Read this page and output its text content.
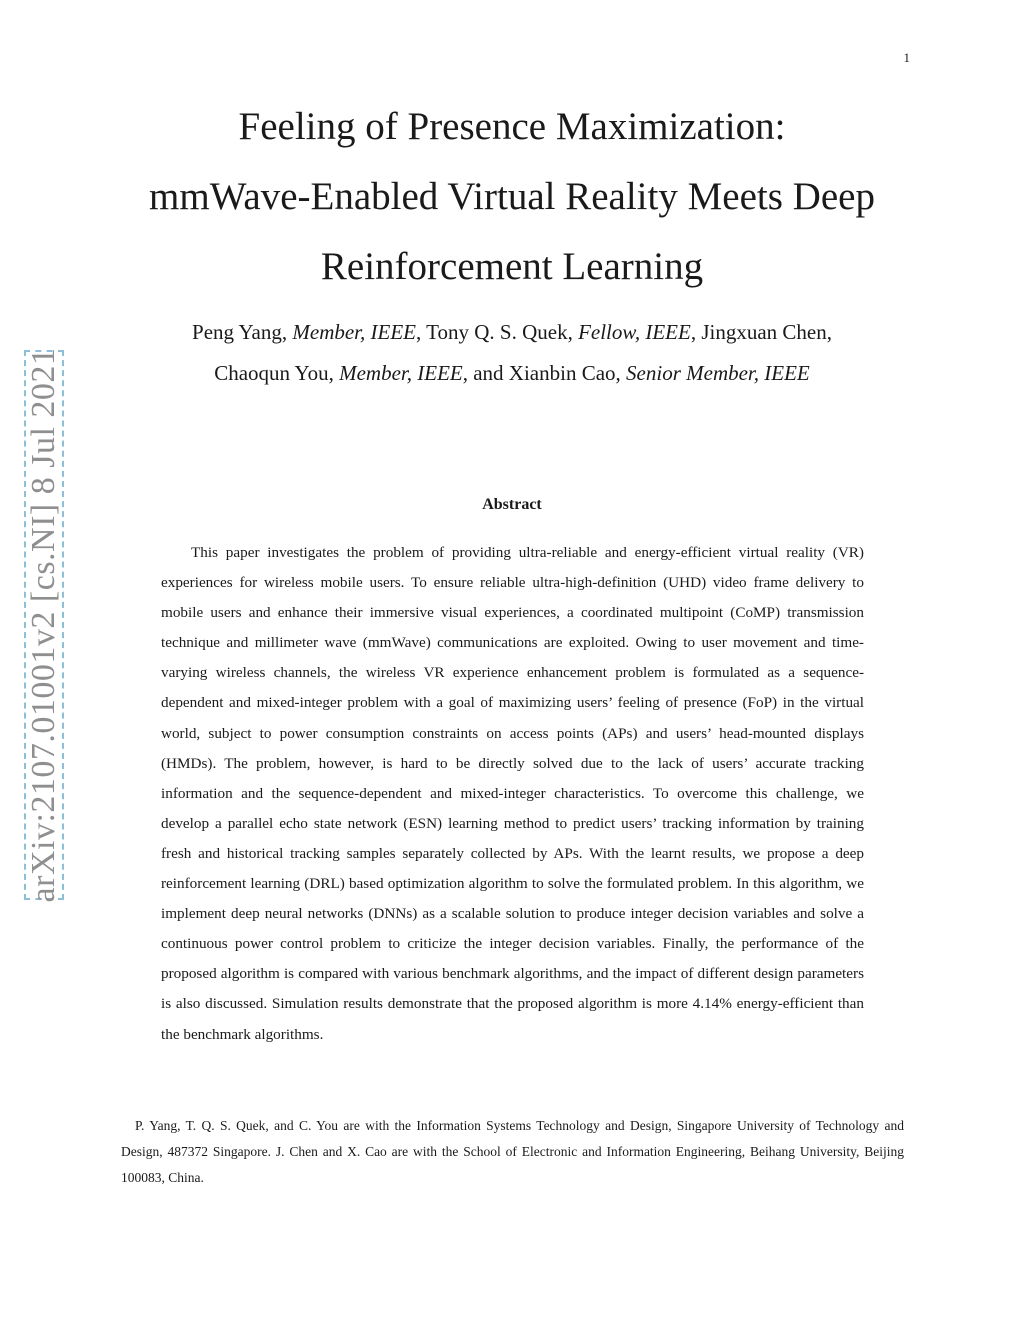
1
arXiv:2107.01001v2 [cs.NI] 8 Jul 2021
Feeling of Presence Maximization:
mmWave-Enabled Virtual Reality Meets Deep
Reinforcement Learning
Peng Yang, Member, IEEE, Tony Q. S. Quek, Fellow, IEEE, Jingxuan Chen,
Chaoqun You, Member, IEEE, and Xianbin Cao, Senior Member, IEEE
Abstract

This paper investigates the problem of providing ultra-reliable and energy-efficient virtual reality (VR) experiences for wireless mobile users. To ensure reliable ultra-high-definition (UHD) video frame delivery to mobile users and enhance their immersive visual experiences, a coordinated multipoint (CoMP) transmission technique and millimeter wave (mmWave) communications are exploited. Owing to user movement and time-varying wireless channels, the wireless VR experience enhancement problem is formulated as a sequence-dependent and mixed-integer problem with a goal of maximizing users’ feeling of presence (FoP) in the virtual world, subject to power consumption constraints on access points (APs) and users’ head-mounted displays (HMDs). The problem, however, is hard to be directly solved due to the lack of users’ accurate tracking information and the sequence-dependent and mixed-integer characteristics. To overcome this challenge, we develop a parallel echo state network (ESN) learning method to predict users’ tracking information by training fresh and historical tracking samples separately collected by APs. With the learnt results, we propose a deep reinforcement learning (DRL) based optimization algorithm to solve the formulated problem. In this algorithm, we implement deep neural networks (DNNs) as a scalable solution to produce integer decision variables and solve a continuous power control problem to criticize the integer decision variables. Finally, the performance of the proposed algorithm is compared with various benchmark algorithms, and the impact of different design parameters is also discussed. Simulation results demonstrate that the proposed algorithm is more 4.14% energy-efficient than the benchmark algorithms.

P. Yang, T. Q. S. Quek, and C. You are with the Information Systems Technology and Design, Singapore University of Technology and Design, 487372 Singapore. J. Chen and X. Cao are with the School of Electronic and Information Engineering, Beihang University, Beijing 100083, China.
